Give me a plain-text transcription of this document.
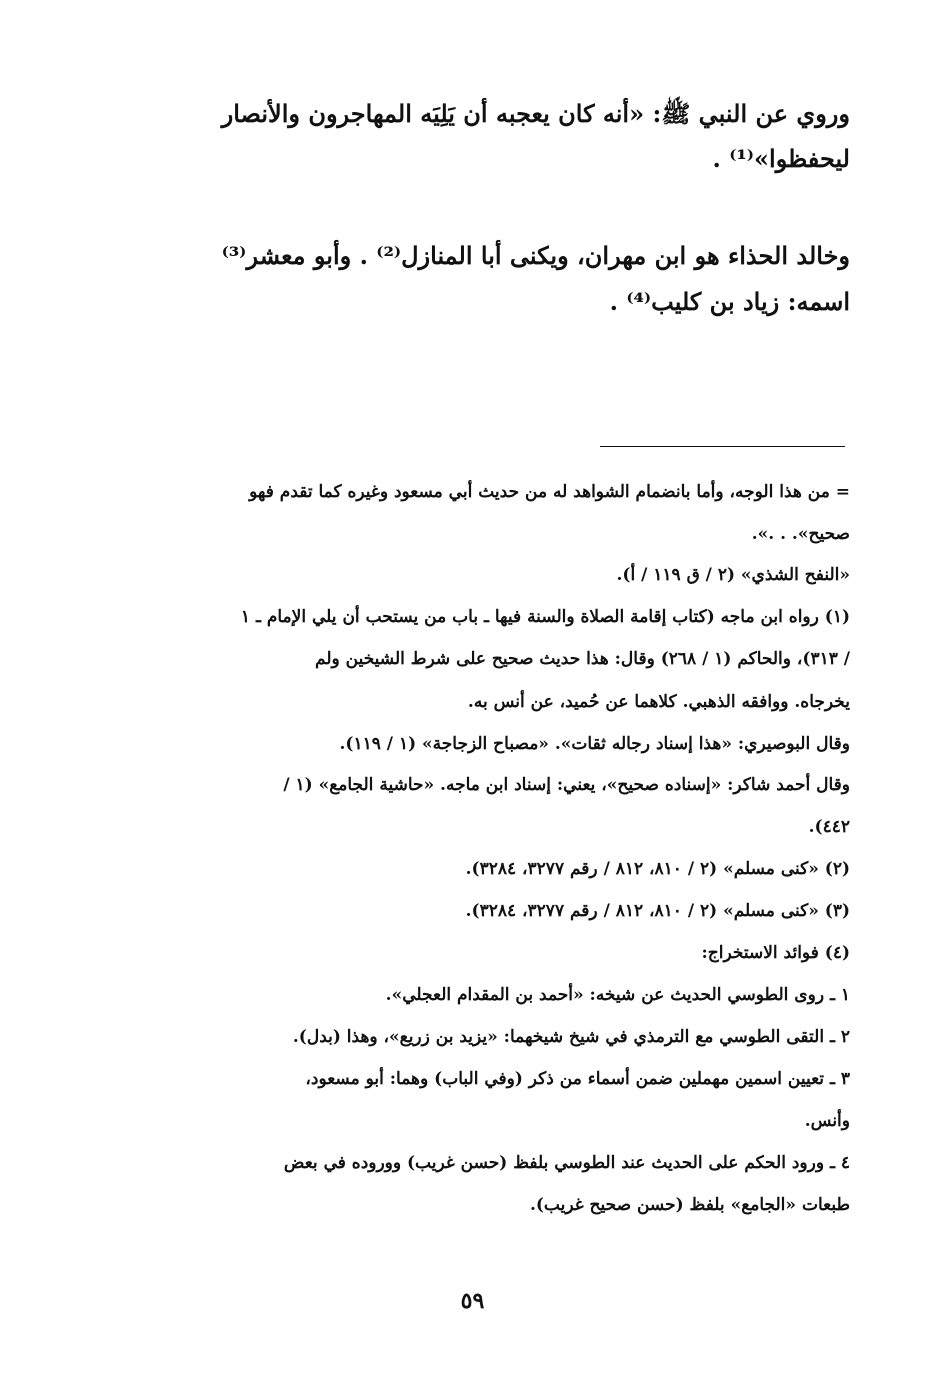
وروي عن النبي ﷺ: «أنه كان يعجبه أن يَلِيَه المهاجرون والأنصار
ليحفظوا»⁽¹⁾ .
وخالد الحذاء هو ابن مهران، ويكنى أبا المنازل⁽²⁾ . وأبو معشر⁽³⁾
اسمه: زياد بن كليب⁽⁴⁾ .
= من هذا الوجه، وأما بانضمام الشواهد له من حديث أبي مسعود وغيره كما تقدم فهو
صحيح». . .».
«النفح الشذي» (٢ / ق ١١٩ / أ).
(١) رواه ابن ماجه (كتاب إقامة الصلاة والسنة فيها ـ باب من يستحب أن يلي الإمام ـ ١
/ ٣١٣)، والحاكم (١ / ٢٦٨) وقال: هذا حديث صحيح على شرط الشيخين ولم
يخرجاه. ووافقه الذهبي. كلاهما عن حُميد، عن أنس به.
وقال البوصيري: «هذا إسناد رجاله ثقات». «مصباح الزجاجة» (١ / ١١٩).
وقال أحمد شاكر: «إسناده صحيح»، يعني: إسناد ابن ماجه. «حاشية الجامع» (١ /
٤٤٢).
(٢) «كنى مسلم» (٢ / ٨١٠، ٨١٢ / رقم ٣٢٧٧، ٣٢٨٤).
(٣) «كنى مسلم» (٢ / ٨١٠، ٨١٢ / رقم ٣٢٧٧، ٣٢٨٤).
(٤) فوائد الاستخراج:
١ ـ روى الطوسي الحديث عن شيخه: «أحمد بن المقدام العجلي».
٢ ـ التقى الطوسي مع الترمذي في شيخ شيخهما: «يزيد بن زريع»، وهذا (بدل).
٣ ـ تعيين اسمين مهملين ضمن أسماء من ذكر (وفي الباب) وهما: أبو مسعود،
وأنس.
٤ ـ ورود الحكم على الحديث عند الطوسي بلفظ (حسن غريب) ووروده في بعض
طبعات «الجامع» بلفظ (حسن صحيح غريب).
٥٩
